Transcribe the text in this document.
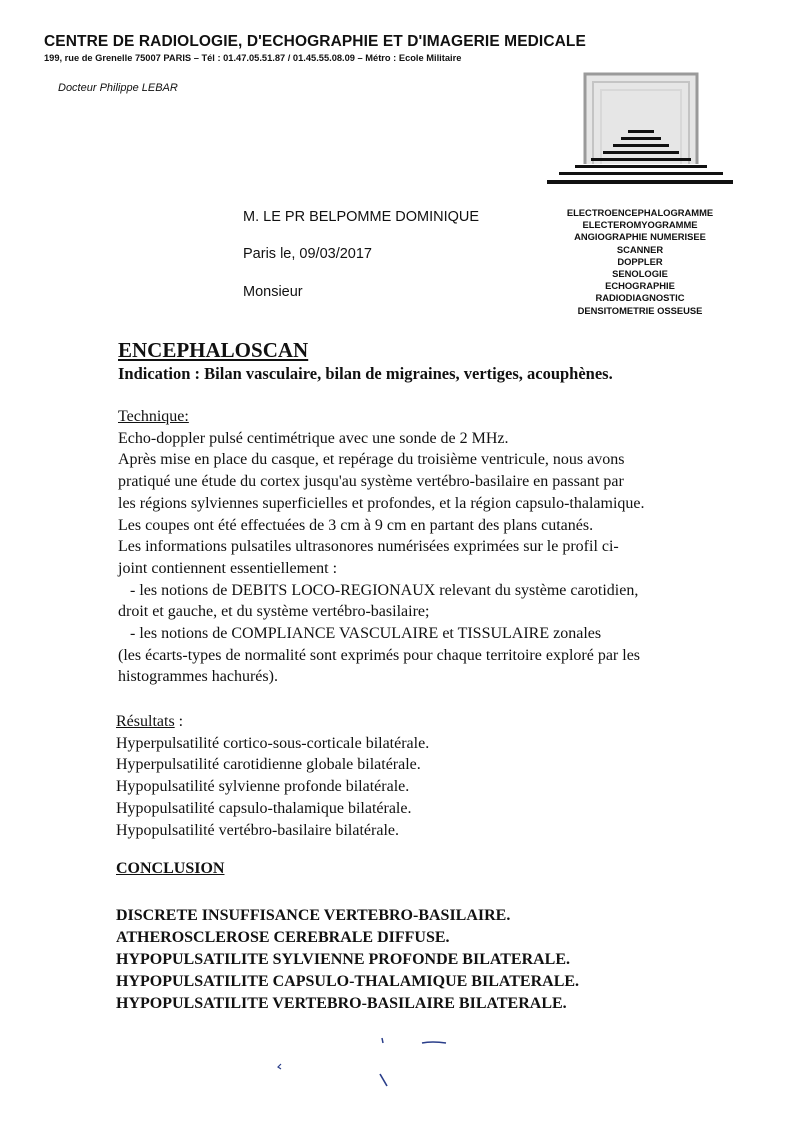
CENTRE DE RADIOLOGIE, D'ECHOGRAPHIE ET D'IMAGERIE MEDICALE
199, rue de Grenelle 75007 PARIS – Tél : 01.47.05.51.87 / 01.45.55.08.09 – Métro : Ecole Militaire
Docteur Philippe LEBAR
M. LE PR BELPOMME DOMINIQUE
Paris le, 09/03/2017
Monsieur
ELECTROENCEPHALOGRAMME
ELECTEROMYOGRAMME
ANGIOGRAPHIE NUMERISEE
SCANNER
DOPPLER
SENOLOGIE
ECHOGRAPHIE
RADIODIAGNOSTIC
DENSITOMETRIE OSSEUSE
ENCEPHALOSCAN
Indication : Bilan vasculaire, bilan de migraines, vertiges, acouphènes.
Technique:
Echo-doppler pulsé centimétrique avec une sonde de 2 MHz.
Après mise en place du casque, et repérage du troisième ventricule, nous avons
pratiqué une étude du cortex jusqu'au système vertébro-basilaire en passant par
les régions sylviennes superficielles et profondes, et la région capsulo-thalamique.
Les coupes ont été effectuées de 3 cm à 9 cm en partant des plans cutanés.
Les informations pulsatiles ultrasonores numérisées exprimées sur le profil ci-
joint contiennent essentiellement :
- les notions de DEBITS LOCO-REGIONAUX relevant du système carotidien,
droit et gauche, et du système vertébro-basilaire;
- les notions de COMPLIANCE VASCULAIRE et TISSULAIRE zonales
(les écarts-types de normalité sont exprimés pour chaque territoire exploré par les
histogrammes hachurés).
Résultats :
Hyperpulsatilité cortico-sous-corticale bilatérale.
Hyperpulsatilité carotidienne globale bilatérale.
Hypopulsatilité sylvienne profonde bilatérale.
Hypopulsatilité capsulo-thalamique bilatérale.
Hypopulsatilité vertébro-basilaire bilatérale.
CONCLUSION
DISCRETE INSUFFISANCE VERTEBRO-BASILAIRE.
ATHEROSCLEROSE CEREBRALE DIFFUSE.
HYPOPULSATILITE SYLVIENNE PROFONDE BILATERALE.
HYPOPULSATILITE CAPSULO-THALAMIQUE BILATERALE.
HYPOPULSATILITE VERTEBRO-BASILAIRE BILATERALE.
